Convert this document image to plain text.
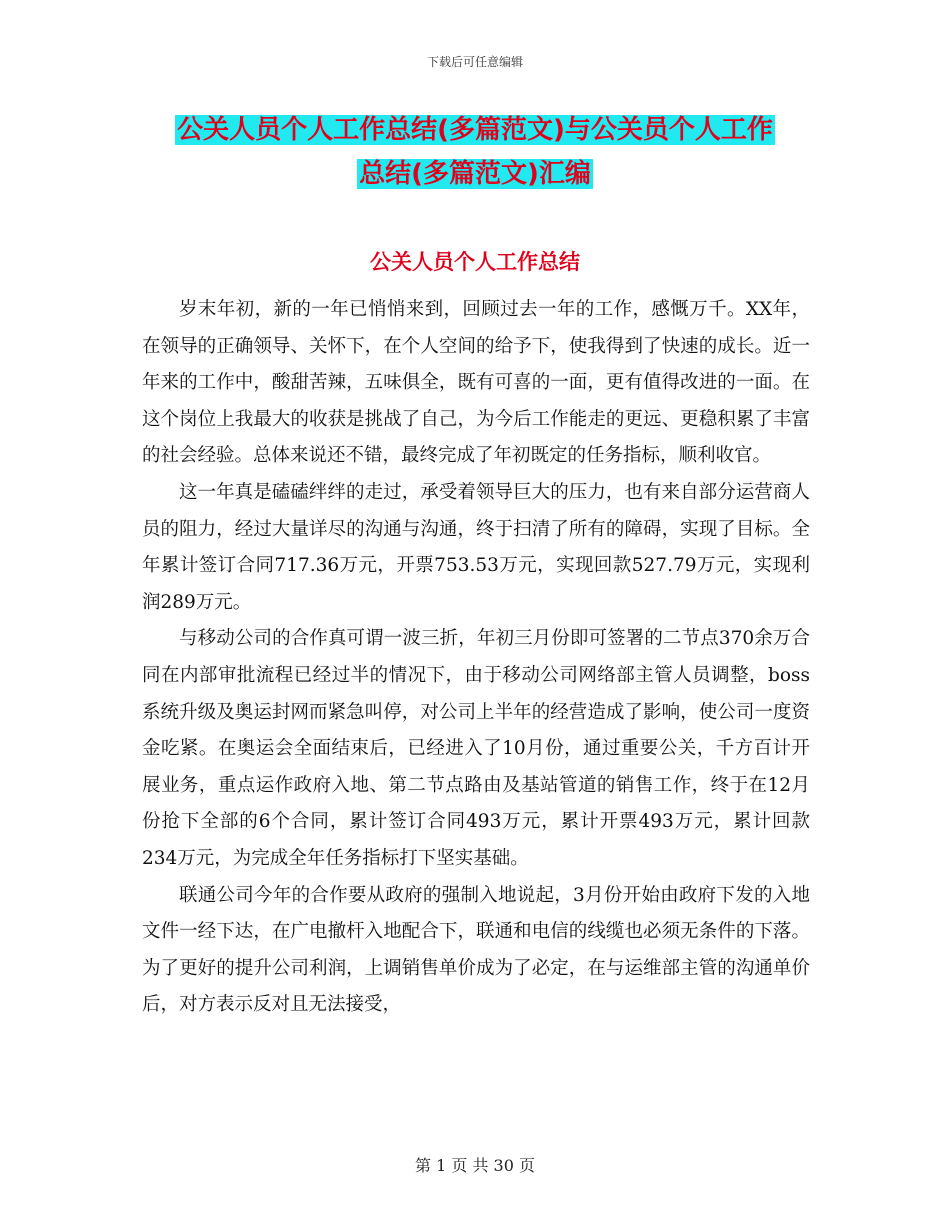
下载后可任意编辑
公关人员个人工作总结(多篇范文)与公关员个人工作
总结(多篇范文)汇编
公关人员个人工作总结

岁末年初，新的一年已悄悄来到，回顾过去一年的工作，感慨万千。XX年，在领导的正确领导、关怀下，在个人空间的给予下，使我得到了快速的成长。近一年来的工作中，酸甜苦辣，五味俱全，既有可喜的一面，更有值得改进的一面。在这个岗位上我最大的收获是挑战了自己，为今后工作能走的更远、更稳积累了丰富的社会经验。总体来说还不错，最终完成了年初既定的任务指标，顺利收官。

这一年真是磕磕绊绊的走过，承受着领导巨大的压力，也有来自部分运营商人员的阻力，经过大量详尽的沟通与沟通，终于扫清了所有的障碍，实现了目标。全年累计签订合同717.36万元，开票753.53万元，实现回款527.79万元，实现利润289万元。

与移动公司的合作真可谓一波三折，年初三月份即可签署的二节点370余万合同在内部审批流程已经过半的情况下，由于移动公司网络部主管人员调整，boss系统升级及奥运封网而紧急叫停，对公司上半年的经营造成了影响，使公司一度资金吃紧。在奥运会全面结束后，已经进入了10月份，通过重要公关，千方百计开展业务，重点运作政府入地、第二节点路由及基站管道的销售工作，终于在12月份抢下全部的6个合同，累计签订合同493万元，累计开票493万元，累计回款234万元，为完成全年任务指标打下坚实基础。

联通公司今年的合作要从政府的强制入地说起，3月份开始由政府下发的入地文件一经下达，在广电撤杆入地配合下，联通和电信的线缆也必须无条件的下落。为了更好的提升公司利润，上调销售单价成为了必定，在与运维部主管的沟通单价后，对方表示反对且无法接受，

第 1 页 共 30 页
